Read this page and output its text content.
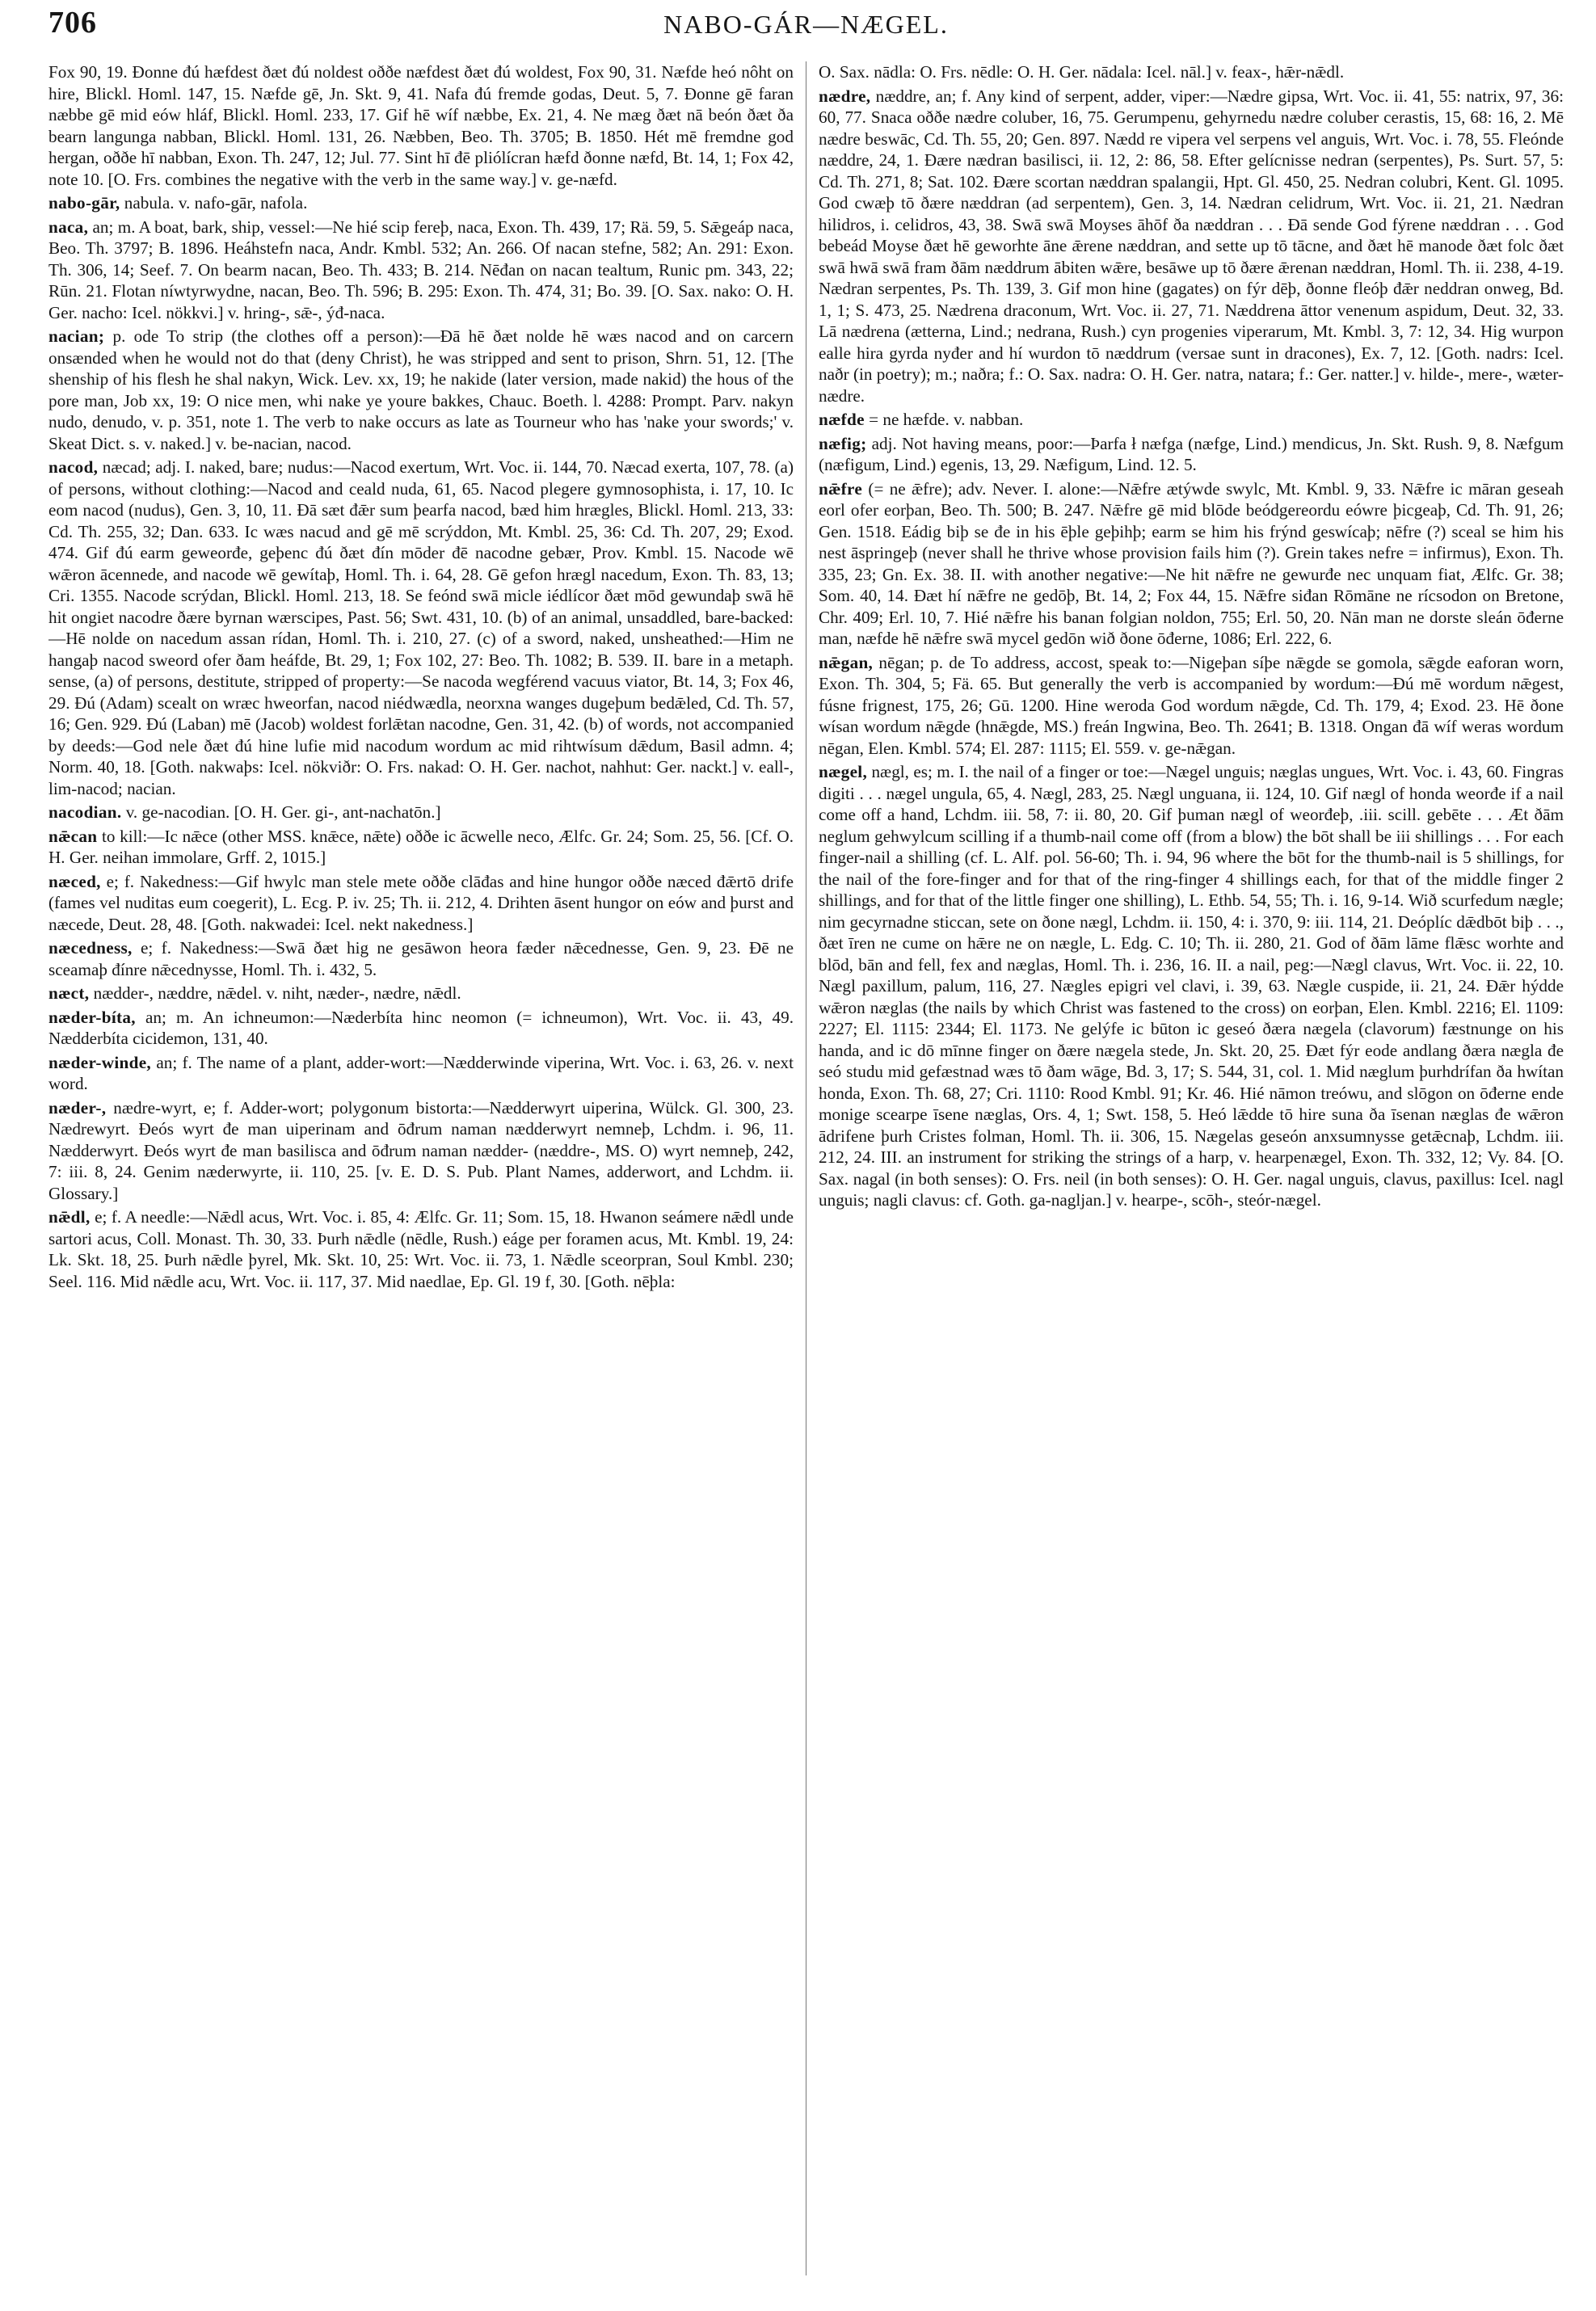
706	NABO-GÁR—NÆGEL.

Fox 90, 19. Đonne đú hæfdest ðæt đú noldest oððe næfdest ðæt đú woldest, Fox 90, 31. Næfde heó nôht on hire, Blickl. Homl. 147, 15. Næfde gē, Jn. Skt. 9, 41. Nafa đú fremde godas, Deut. 5, 7. Đonne gē faran næbbe gē mid eów hláf, Blickl. Homl. 233, 17. Gif hē wíf næbbe, Ex. 21, 4. Ne mæg ðæt nā beón ðæt ða bearn langunga nabban, Blickl. Homl. 131, 26. Næbben, Beo. Th. 3705; B. 1850. Hét mē fremdne god hergan, oððe hī nabban, Exon. Th. 247, 12; Jul. 77. Sint hī đē pliólícran hæfd ðonne næfd, Bt. 14, 1; Fox 42, note 10. [O. Frs. combines the negative with the verb in the same way.] v. ge-næfd.

nabo-gār, nabula. v. nafo-gār, nafola.

naca, an; m. A boat, bark, ship, vessel:—Ne hié scip fereþ, naca, Exon. Th. 439, 17; Rä. 59, 5. Sǣgeáp naca, Beo. Th. 3797; B. 1896. Heáhstefn naca, Andr. Kmbl. 532; An. 266. Of nacan stefne, 582; An. 291: Exon. Th. 306, 14; Seef. 7. On bearm nacan, Beo. Th. 433; B. 214. Nēđan on nacan tealtum, Runic pm. 343, 22; Rūn. 21. Flotan níwtyrwydne, nacan, Beo. Th. 596; B. 295: Exon. Th. 474, 31; Bo. 39. [O. Sax. nako: O. H. Ger. nacho: Icel. nökkvi.] v. hring-, sǣ-, ýđ-naca.

nacian; p. ode To strip (the clothes off a person):—Đā hē ðæt nolde hē wæs nacod and on carcern onsænded when he would not do that (deny Christ), he was stripped and sent to prison, Shrn. 51, 12. [The shenship of his flesh he shal nakyn, Wick. Lev. xx, 19; he nakide (later version, made nakid) the hous of the pore man, Job xx, 19: O nice men, whi nake ye youre bakkes, Chauc. Boeth. l. 4288: Prompt. Parv. nakyn nudo, denudo, v. p. 351, note 1. The verb to nake occurs as late as Tourneur who has 'nake your swords;' v. Skeat Dict. s. v. naked.] v. be-nacian, nacod.

nacod, næcad; adj. I. naked, bare; nudus:—Nacod exertum, Wrt. Voc. ii. 144, 70. Næcad exerta, 107, 78. (a) of persons, without clothing:—Nacod and ceald nuda, 61, 65. Nacod plegere gymnosophista, i. 17, 10. Ic eom nacod (nudus), Gen. 3, 10, 11. Đā sæt đǣr sum þearfa nacod, bæd him hrægles, Blickl. Homl. 213, 33: Cd. Th. 255, 32; Dan. 633. Ic wæs nacud and gē mē scrýddon, Mt. Kmbl. 25, 36: Cd. Th. 207, 29; Exod. 474. Gif đú earm geweorđe, geþenc đú ðæt đín mōder đē nacodne gebær, Prov. Kmbl. 15. Nacode wē wǣron ācennede, and nacode wē gewítaþ, Homl. Th. i. 64, 28. Gē gefon hrægl nacedum, Exon. Th. 83, 13; Cri. 1355. Nacode scrýdan, Blickl. Homl. 213, 18. Se feónd swā micle iédlícor ðæt mōd gewundaþ swā hē hit ongiet nacodre ðære byrnan wærscipes, Past. 56; Swt. 431, 10. (b) of an animal, unsaddled, bare-backed:—Hē nolde on nacedum assan rídan, Homl. Th. i. 210, 27. (c) of a sword, naked, unsheathed:—Him ne hangaþ nacod sweord ofer ðam heáfde, Bt. 29, 1; Fox 102, 27: Beo. Th. 1082; B. 539. II. bare in a metaph. sense, (a) of persons, destitute, stripped of property:—Se nacoda wegférend vacuus viator, Bt. 14, 3; Fox 46, 29. Đú (Adam) scealt on wræc hweorfan, nacod niédwædla, neorxna wanges dugeþum bedǣled, Cd. Th. 57, 16; Gen. 929. Đú (Laban) mē (Jacob) woldest forlǣtan nacodne, Gen. 31, 42. (b) of words, not accompanied by deeds:—God nele ðæt đú hine lufie mid nacodum wordum ac mid rihtwísum dǣdum, Basil admn. 4; Norm. 40, 18. [Goth. nakwaþs: Icel. nökviðr: O. Frs. nakad: O. H. Ger. nachot, nahhut: Ger. nackt.] v. eall-, lim-nacod; nacian.

nacodian. v. ge-nacodian. [O. H. Ger. gi-, ant-nachatōn.]

nǣcan to kill:—Ic nǣce (other MSS. knǣce, nǣte) oððe ic ācwelle neco, Ælfc. Gr. 24; Som. 25, 56. [Cf. O. H. Ger. neihan immolare, Grff. 2, 1015.]

næced, e; f. Nakedness:—Gif hwylc man stele mete oððe clāđas and hine hungor oððe næced đǣrtō drife (fames vel nuditas eum coegerit), L. Ecg. P. iv. 25; Th. ii. 212, 4. Drihten āsent hungor on eów and þurst and næcede, Deut. 28, 48. [Goth. nakwadei: Icel. nekt nakedness.]

næcedness, e; f. Nakedness:—Swā ðæt hig ne gesāwon heora fæder nǣcednesse, Gen. 9, 23. Đē ne sceamaþ đínre nǣcednysse, Homl. Th. i. 432, 5.

næct, nædder-, næddre, nǣdel. v. niht, næder-, nædre, nǣdl.

næder-bíta, an; m. An ichneumon:—Næderbíta hinc neomon (= ichneumon), Wrt. Voc. ii. 43, 49. Nædderbíta cicidemon, 131, 40.

næder-winde, an; f. The name of a plant, adder-wort:—Nædderwinde viperina, Wrt. Voc. i. 63, 26. v. next word.

næder-, nædre-wyrt, e; f. Adder-wort; polygonum bistorta:—Nædderwyrt uiperina, Wülck. Gl. 300, 23. Nædrewyrt. Đeós wyrt đe man uiperinam and ōđrum naman nædderwyrt nemneþ, Lchdm. i. 96, 11. Nædderwyrt. Đeós wyrt đe man basilisca and ōđrum naman nædder- (næddre-, MS. O) wyrt nemneþ, 242, 7: iii. 8, 24. Genim næderwyrte, ii. 110, 25. [v. E. D. S. Pub. Plant Names, adderwort, and Lchdm. ii. Glossary.]

nǣdl, e; f. A needle:—Nǣdl acus, Wrt. Voc. i. 85, 4: Ælfc. Gr. 11; Som. 15, 18. Hwanon seámere nǣdl unde sartori acus, Coll. Monast. Th. 30, 33. Þurh nǣdle (nēdle, Rush.) eáge per foramen acus, Mt. Kmbl. 19, 24: Lk. Skt. 18, 25. Þurh nǣdle þyrel, Mk. Skt. 10, 25: Wrt. Voc. ii. 73, 1. Nǣdle sceorpran, Soul Kmbl. 230; Seel. 116. Mid nǣdle acu, Wrt. Voc. ii. 117, 37. Mid naedlae, Ep. Gl. 19 f, 30. [Goth. nēþla:

O. Sax. nādla: O. Frs. nēdle: O. H. Ger. nādala: Icel. nāl.] v. feax-, hǣr-nǣdl.

nædre, næddre, an; f. Any kind of serpent, adder, viper:—Nædre gipsa, Wrt. Voc. ii. 41, 55: natrix, 97, 36: 60, 77. Snaca oððe nædre coluber, 16, 75. Gerumpenu, gehyrnedu nædre coluber cerastis, 15, 68: 16, 2. Mē nædre beswāc, Cd. Th. 55, 20; Gen. 897. Nædd re vipera vel serpens vel anguis, Wrt. Voc. i. 78, 55. Fleónde næddre, 24, 1. Đære nædran basilisci, ii. 12, 2: 86, 58. Efter gelícnisse nedran (serpentes), Ps. Surt. 57, 5: Cd. Th. 271, 8; Sat. 102. Đære scortan næddran spalangii, Hpt. Gl. 450, 25. Nedran colubri, Kent. Gl. 1095. God cwæþ tō ðære næddran (ad serpentem), Gen. 3, 14. Nædran celidrum, Wrt. Voc. ii. 21, 21. Nædran hilidros, i. celidros, 43, 38. Swā swā Moyses āhōf ða næddran . . . Đā sende God fýrene næddran . . . God bebeád Moyse ðæt hē geworhte āne ǣrene næddran, and sette up tō tācne, and ðæt hē manode ðæt folc ðæt swā hwā swā fram ðām næddrum ābiten wǣre, besāwe up tō ðære ǣrenan næddran, Homl. Th. ii. 238, 4-19. Nædran serpentes, Ps. Th. 139, 3. Gif mon hine (gagates) on fýr dēþ, ðonne fleóþ đǣr neddran onweg, Bd. 1, 1; S. 473, 25. Nædrena draconum, Wrt. Voc. ii. 27, 71. Næddrena āttor venenum aspidum, Deut. 32, 33. Lā nædrena (ætterna, Lind.; nedrana, Rush.) cyn progenies viperarum, Mt. Kmbl. 3, 7: 12, 34. Hig wurpon ealle hira gyrda nyđer and hí wurdon tō næddrum (versae sunt in dracones), Ex. 7, 12. [Goth. nadrs: Icel. naðr (in poetry); m.; naðra; f.: O. Sax. nadra: O. H. Ger. natra, natara; f.: Ger. natter.] v. hilde-, mere-, wæter-nædre.

næfde = ne hæfde. v. nabban.

næfig; adj. Not having means, poor:—Þarfa ł næfga (næfge, Lind.) mendicus, Jn. Skt. Rush. 9, 8. Næfgum (næfigum, Lind.) egenis, 13, 29. Næfigum, Lind. 12. 5.

nǣfre (= ne ǣfre); adv. Never. I. alone:—Nǣfre ætýwde swylc, Mt. Kmbl. 9, 33. Nǣfre ic māran geseah eorl ofer eorþan, Beo. Th. 500; B. 247. Nǣfre gē mid blōde beódgereordu eówre þicgeaþ, Cd. Th. 91, 26; Gen. 1518. Eádig biþ se đe in his ēþle geþihþ; earm se him his frýnd geswícaþ; nēfre (?) sceal se him his nest āspringeþ (never shall he thrive whose provision fails him (?). Grein takes nefre = infirmus), Exon. Th. 335, 23; Gn. Ex. 38. II. with another negative:—Ne hit nǣfre ne gewurđe nec unquam fiat, Ælfc. Gr. 38; Som. 40, 14. Đæt hí nǣfre ne gedōþ, Bt. 14, 2; Fox 44, 15. Nǣfre siđan Rōmāne ne rícsodon on Bretone, Chr. 409; Erl. 10, 7. Hié nǣfre his banan folgian noldon, 755; Erl. 50, 20. Nān man ne dorste sleán ōđerne man, næfde hē nǣfre swā mycel gedōn wið ðone ōđerne, 1086; Erl. 222, 6.

nǣgan, nēgan; p. de To address, accost, speak to:—Nigeþan síþe nǣgde se gomola, sǣgde eaforan worn, Exon. Th. 304, 5; Fä. 65. But generally the verb is accompanied by wordum:—Đú mē wordum nǣgest, fúsne frignest, 175, 26; Gū. 1200. Hine weroda God wordum nǣgde, Cd. Th. 179, 4; Exod. 23. Hē ðone wísan wordum nǣgde (hnǣgde, MS.) freán Ingwina, Beo. Th. 2641; B. 1318. Ongan đā wíf weras wordum nēgan, Elen. Kmbl. 574; El. 287: 1115; El. 559. v. ge-nǣgan.

nægel, nægl, es; m. I. the nail of a finger or toe:—Nægel unguis; næglas ungues, Wrt. Voc. i. 43, 60. Fingras digiti . . . nægel ungula, 65, 4. Nægl, 283, 25. Nægl unguana, ii. 124, 10. Gif nægl of honda weorđe if a nail come off a hand, Lchdm. iii. 58, 7: ii. 80, 20. Gif þuman nægl of weorđeþ, .iii. scill. gebēte . . . Æt ðām neglum gehwylcum scilling if a thumb-nail come off (from a blow) the bōt shall be iii shillings . . . For each finger-nail a shilling (cf. L. Alf. pol. 56-60; Th. i. 94, 96 where the bōt for the thumb-nail is 5 shillings, for the nail of the fore-finger and for that of the ring-finger 4 shillings each, for that of the middle finger 2 shillings, and for that of the little finger one shilling), L. Ethb. 54, 55; Th. i. 16, 9-14. Wið scurfedum nægle; nim gecyrnadne sticcan, sete on ðone nægl, Lchdm. ii. 150, 4: i. 370, 9: iii. 114, 21. Deóplíc dǣdbōt biþ . . ., ðæt īren ne cume on hǣre ne on nægle, L. Edg. C. 10; Th. ii. 280, 21. God of ðām lāme flǣsc worhte and blōd, bān and fell, fex and næglas, Homl. Th. i. 236, 16. II. a nail, peg:—Nægl clavus, Wrt. Voc. ii. 22, 10. Nægl paxillum, palum, 116, 27. Nægles epigri vel clavi, i. 39, 63. Nægle cuspide, ii. 21, 24. Đǣr hýdde wǣron næglas (the nails by which Christ was fastened to the cross) on eorþan, Elen. Kmbl. 2216; El. 1109: 2227; El. 1115: 2344; El. 1173. Ne gelýfe ic būton ic geseó ðæra nægela (clavorum) fæstnunge on his handa, and ic dō mīnne finger on ðære nægela stede, Jn. Skt. 20, 25. Đæt fýr eode andlang ðæra nægla đe seó studu mid gefæstnad wæs tō ðam wāge, Bd. 3, 17; S. 544, 31, col. 1. Mid næglum þurhdrífan ða hwítan honda, Exon. Th. 68, 27; Cri. 1110: Rood Kmbl. 91; Kr. 46. Hié nāmon treówu, and slōgon on ōđerne ende monige scearpe īsene næglas, Ors. 4, 1; Swt. 158, 5. Heó lǣdde tō hire suna ða īsenan næglas đe wǣron ādrifene þurh Cristes folman, Homl. Th. ii. 306, 15. Nægelas geseón anxsumnysse getǣcnaþ, Lchdm. iii. 212, 24. III. an instrument for striking the strings of a harp, v. hearpenægel, Exon. Th. 332, 12; Vy. 84. [O. Sax. nagal (in both senses): O. Frs. neil (in both senses): O. H. Ger. nagal unguis, clavus, paxillus: Icel. nagl unguis; nagli clavus: cf. Goth. ga-nagljan.] v. hearpe-, scōh-, steór-nægel.
